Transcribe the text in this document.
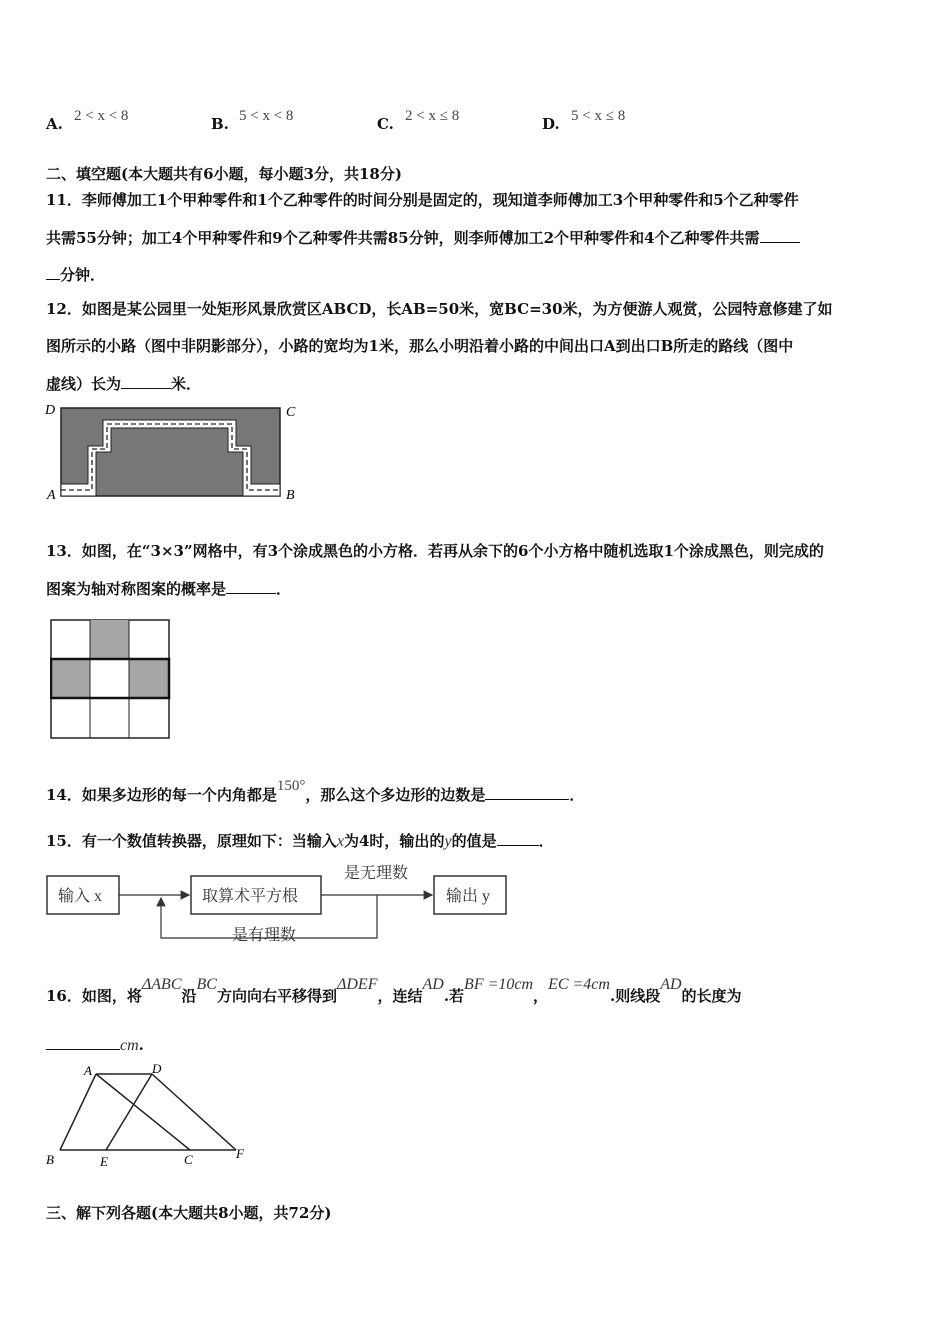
A. 2 < x < 8	B. 5 < x < 8	C. 2 < x ≤ 8	D. 5 < x ≤ 8
二、填空题(本大题共有6小题，每小题3分，共18分)
11．李师傅加工1个甲种零件和1个乙种零件的时间分别是固定的，现知道李师傅加工3个甲种零件和5个乙种零件
共需55分钟；加工4个甲种零件和9个乙种零件共需85分钟，则李师傅加工2个甲种零件和4个乙种零件共需
分钟．
12．如图是某公园里一处矩形风景欣赏区ABCD，长AB=50米，宽BC=30米，为方便游人观赏，公园特意修建了如
图所示的小路（图中非阴影部分），小路的宽均为1米，那么小明沿着小路的中间出口A到出口B所走的路线（图中
虚线）长为	米．
D	C
A	B
13．如图，在“3×3”网格中，有3个涂成黑色的小方格．若再从余下的6个小方格中随机选取1个涂成黑色，则完成的
图案为轴对称图案的概率是	．
14．如果多边形的每一个内角都是150°，那么这个多边形的边数是	．
15．有一个数值转换器，原理如下：当输入x为4时，输出的y的值是	．
输入 x	取算术平方根	输出 y
是无理数
是有理数
16．如图，将ΔABC沿BC方向向右平移得到ΔDEF，连结AD.若BF =10cm，EC =4cm.则线段AD的长度为
cm.
A	D
B	E	C	F
三、解下列各题(本大题共8小题，共72分)
